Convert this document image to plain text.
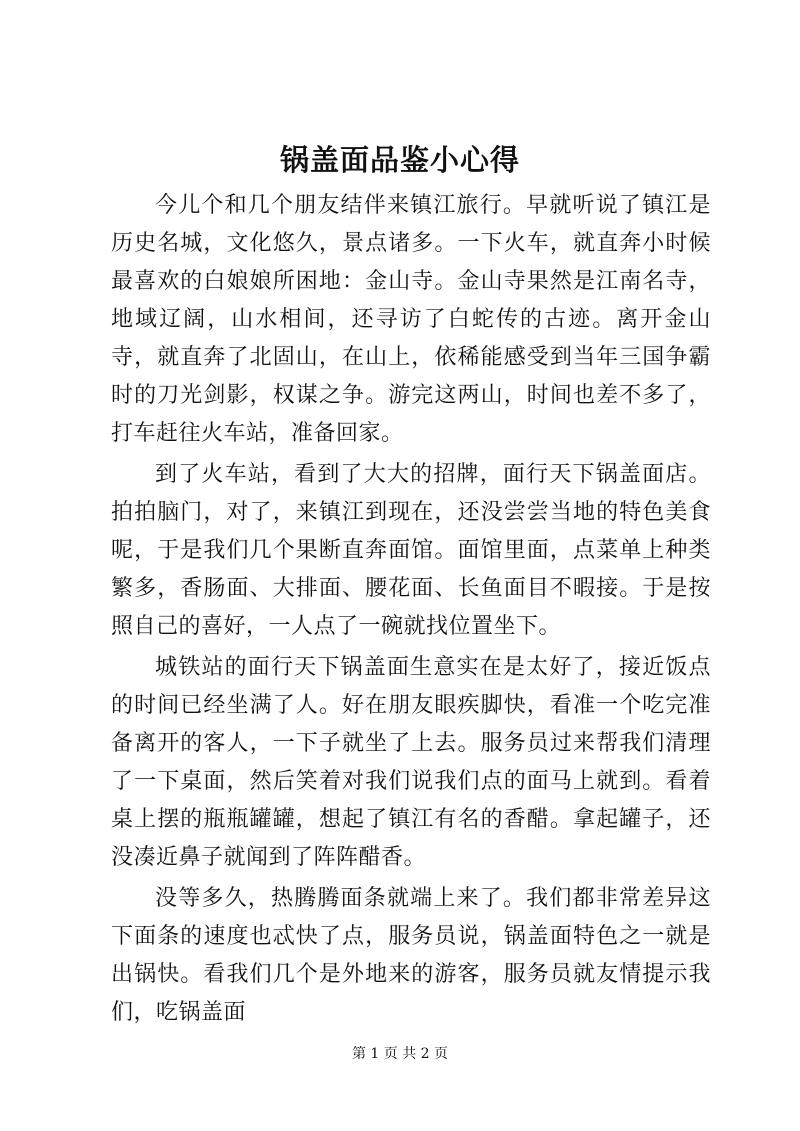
锅盖面品鉴小心得

今儿个和几个朋友结伴来镇江旅行。早就听说了镇江是历史名城，文化悠久，景点诸多。一下火车，就直奔小时候最喜欢的白娘娘所困地：金山寺。金山寺果然是江南名寺，地域辽阔，山水相间，还寻访了白蛇传的古迹。离开金山寺，就直奔了北固山，在山上，依稀能感受到当年三国争霸时的刀光剑影，权谋之争。游完这两山，时间也差不多了，打车赶往火车站，准备回家。

到了火车站，看到了大大的招牌，面行天下锅盖面店。拍拍脑门，对了，来镇江到现在，还没尝尝当地的特色美食呢，于是我们几个果断直奔面馆。面馆里面，点菜单上种类繁多，香肠面、大排面、腰花面、长鱼面目不暇接。于是按照自己的喜好，一人点了一碗就找位置坐下。

城铁站的面行天下锅盖面生意实在是太好了，接近饭点的时间已经坐满了人。好在朋友眼疾脚快，看准一个吃完准备离开的客人，一下子就坐了上去。服务员过来帮我们清理了一下桌面，然后笑着对我们说我们点的面马上就到。看着桌上摆的瓶瓶罐罐，想起了镇江有名的香醋。拿起罐子，还没凑近鼻子就闻到了阵阵醋香。

没等多久，热腾腾面条就端上来了。我们都非常差异这下面条的速度也忒快了点，服务员说，锅盖面特色之一就是出锅快。看我们几个是外地来的游客，服务员就友情提示我们，吃锅盖面

第 1 页 共 2 页
